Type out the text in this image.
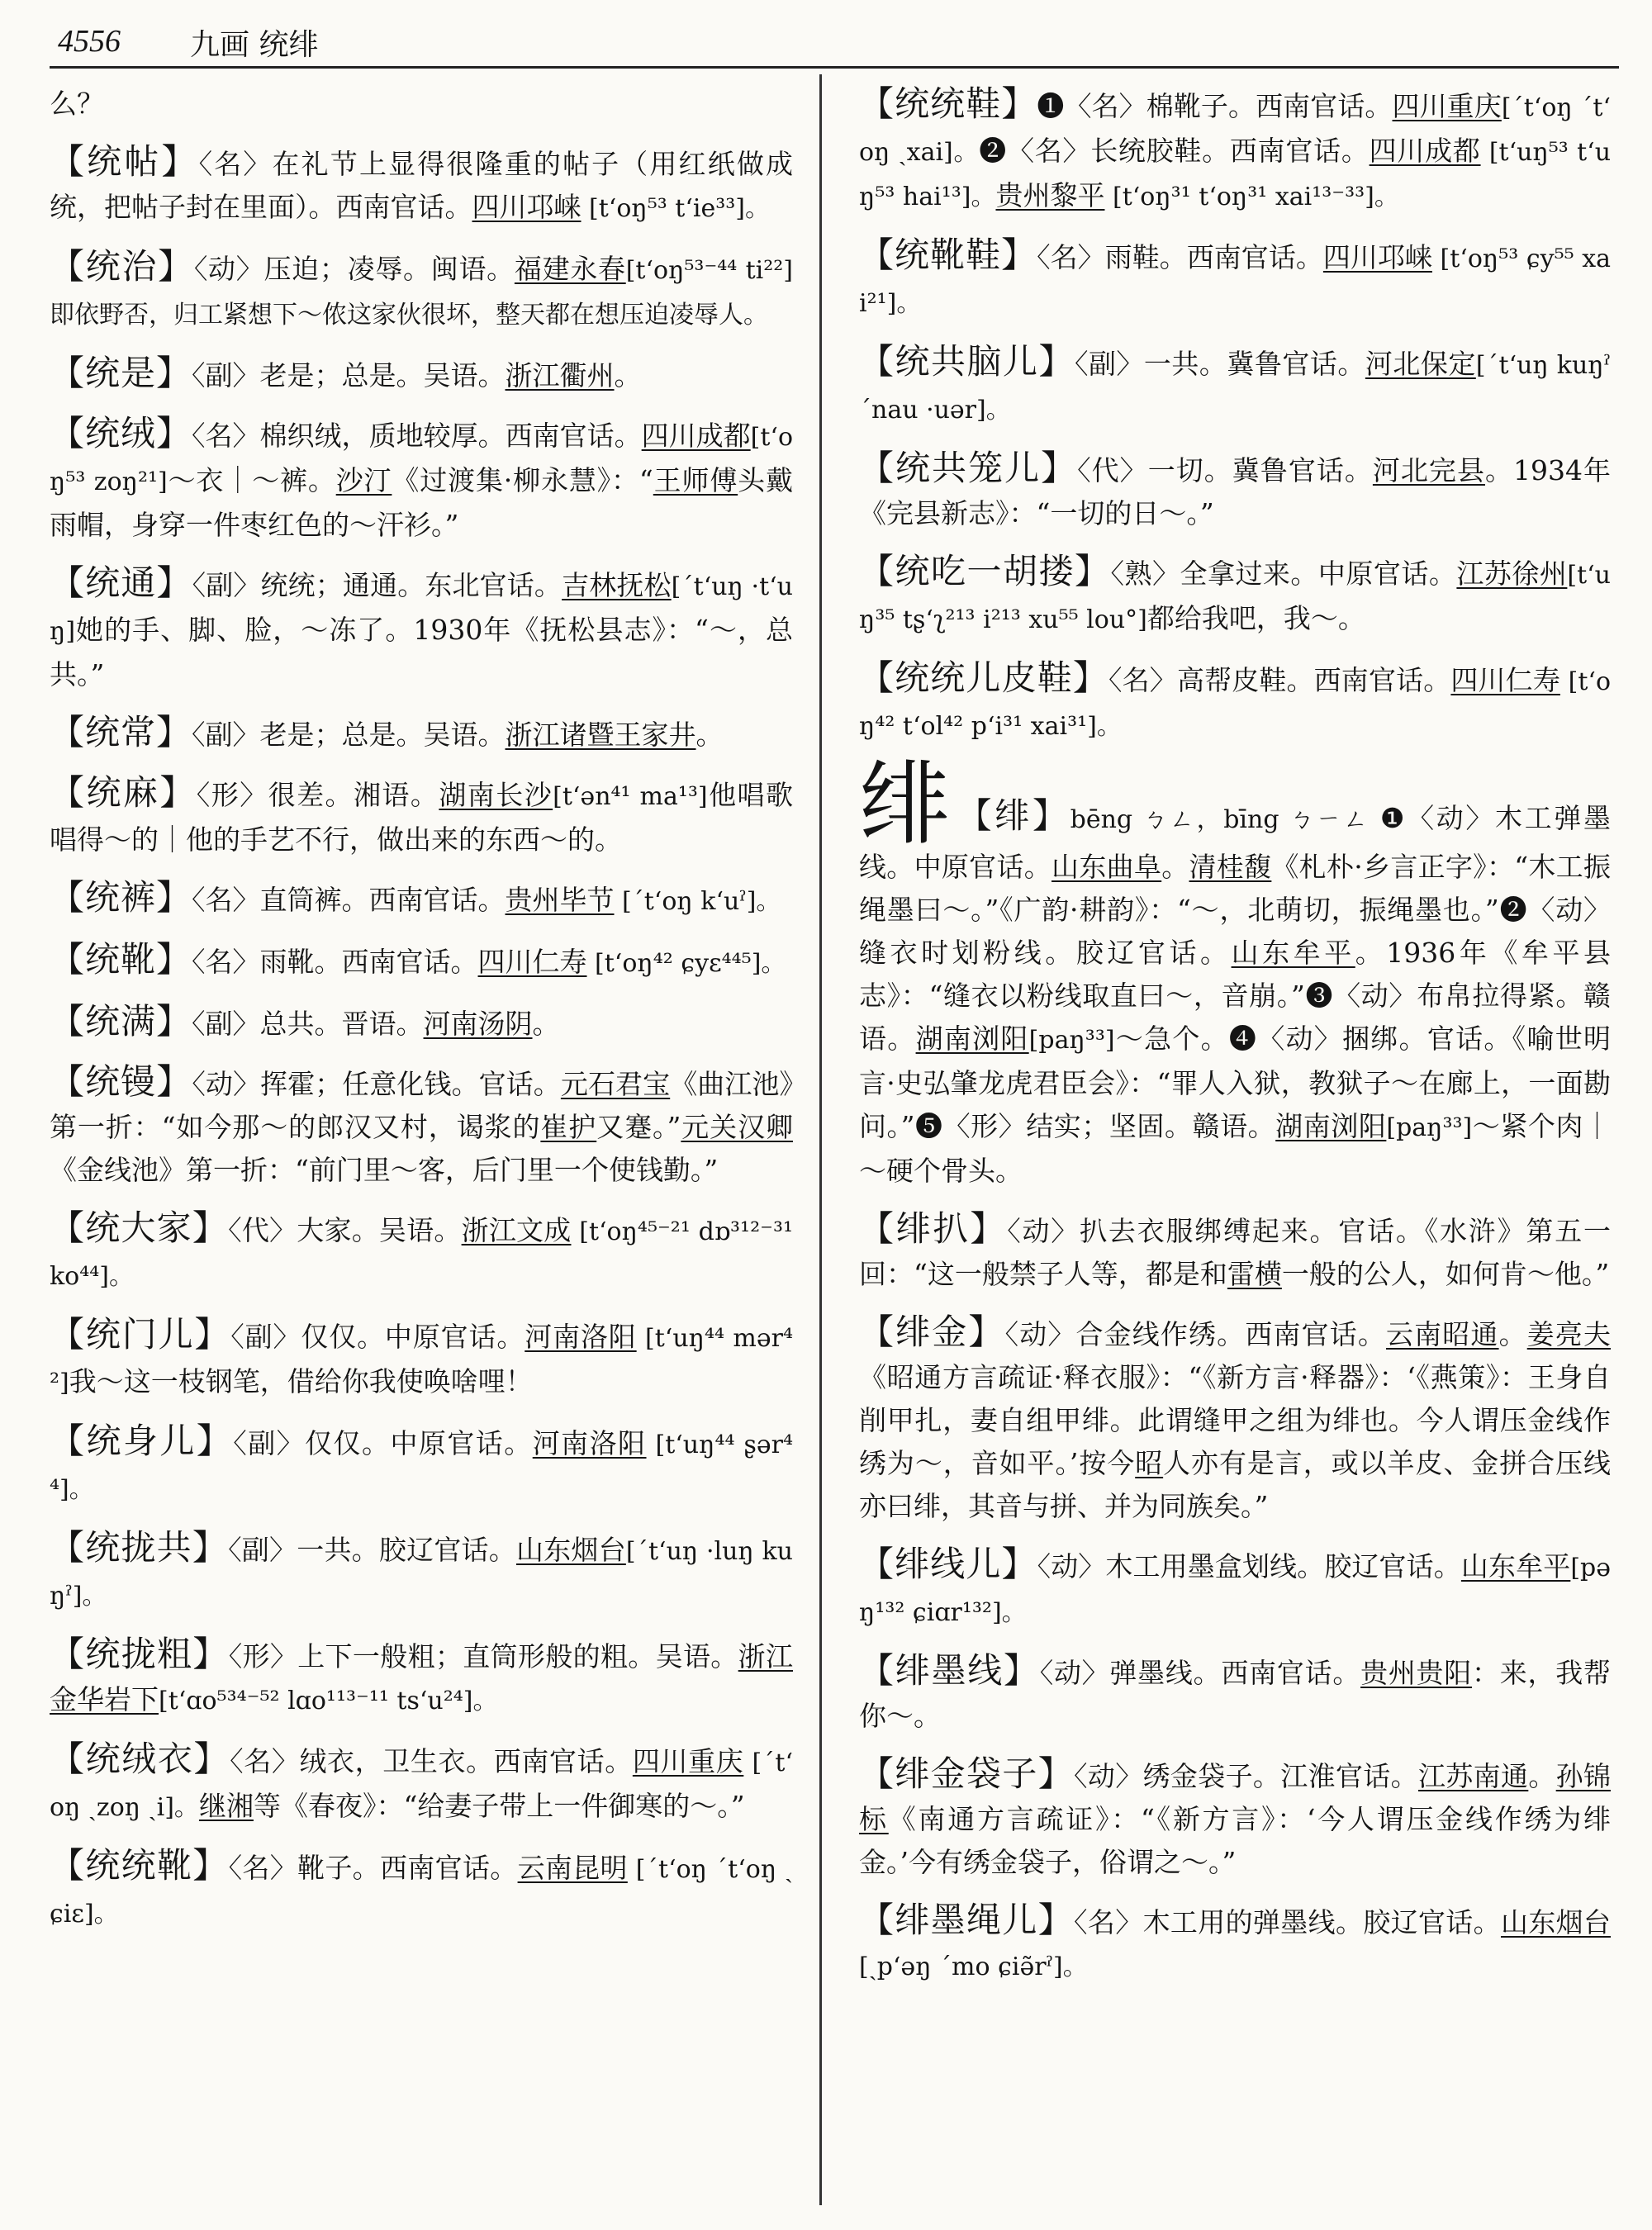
4556 九画 统绯
么？
【统帖】〈名〉在礼节上显得很隆重的帖子（用红纸做成统，把帖子封在里面）。西南官话。四川邛崃 [tʻoŋ⁵³ tʻie³³]。
【统治】〈动〉压迫；凌辱。闽语。福建永春[tʻoŋ⁵³⁻⁴⁴ ti²²]即依野否，归工紧想下～侬这家伙很坏，整天都在想压迫凌辱人。
【统是】〈副〉老是；总是。吴语。浙江衢州。
【统绒】〈名〉棉织绒，质地较厚。西南官话。四川成都[tʻoŋ⁵³ zoŋ²¹]～衣｜～裤。沙汀《过渡集·柳永慧》：“王师傅头戴雨帽，身穿一件枣红色的～汗衫。”
【统通】〈副〉统统；通通。东北官话。吉林抚松[ˊtʻuŋ ·tʻuŋ]她的手、脚、脸，～冻了。1930年《抚松县志》：“～，总共。”
【统常】〈副〉老是；总是。吴语。浙江诸暨王家井。
【统麻】〈形〉很差。湘语。湖南长沙[tʻən⁴¹ ma¹³]他唱歌唱得～的｜他的手艺不行，做出来的东西～的。
【统裤】〈名〉直筒裤。西南官话。贵州毕节 [ˊtʻoŋ kʻuˀ]。
【统靴】〈名〉雨靴。西南官话。四川仁寿 [tʻoŋ⁴² ɕyɛ⁴⁴⁵]。
【统满】〈副〉总共。晋语。河南汤阴。
【统镘】〈动〉挥霍；任意化钱。官话。元石君宝《曲江池》第一折：“如今那～的郎汉又村，谒浆的崔护又蹇。”元关汉卿《金线池》第一折：“前门里～客，后门里一个使钱勤。”
【统大家】〈代〉大家。吴语。浙江文成 [tʻoŋ⁴⁵⁻²¹ dɒ³¹²⁻³¹ ko⁴⁴]。
【统门儿】〈副〉仅仅。中原官话。河南洛阳 [tʻuŋ⁴⁴ mər⁴²]我～这一枝钢笔，借给你我使唤啥哩！
【统身儿】〈副〉仅仅。中原官话。河南洛阳 [tʻuŋ⁴⁴ ʂər⁴⁴]。
【统拢共】〈副〉一共。胶辽官话。山东烟台[ˊtʻuŋ ·luŋ kuŋˀ]。
【统拢粗】〈形〉上下一般粗；直筒形般的粗。吴语。浙江金华岩下[tʻɑo⁵³⁴⁻⁵² lɑo¹¹³⁻¹¹ tsʻu²⁴]。
【统绒衣】〈名〉绒衣，卫生衣。西南官话。四川重庆 [ˊtʻoŋ ˏzoŋ ˏi]。继湘等《春夜》：“给妻子带上一件御寒的～。”
【统统靴】〈名〉靴子。西南官话。云南昆明 [ˊtʻoŋ ˊtʻoŋ ˏɕiɛ]。
【统统鞋】❶〈名〉棉靴子。西南官话。四川重庆[ˊtʻoŋ ˊtʻoŋ ˏxai]。❷〈名〉长统胶鞋。西南官话。四川成都 [tʻuŋ⁵³ tʻuŋ⁵³ hai¹³]。贵州黎平 [tʻoŋ³¹ tʻoŋ³¹ xai¹³⁻³³]。
【统靴鞋】〈名〉雨鞋。西南官话。四川邛崃 [tʻoŋ⁵³ ɕy⁵⁵ xai²¹]。
【统共脑儿】〈副〉一共。冀鲁官话。河北保定[ˊtʻuŋ kuŋˀ ˊnau ·uər]。
【统共笼儿】〈代〉一切。冀鲁官话。河北完县。1934年《完县新志》：“一切的日～。”
【统吃一胡搂】〈熟〉全拿过来。中原官话。江苏徐州[tʻuŋ³⁵ tʂʻʅ²¹³ i²¹³ xu⁵⁵ lou°]都给我吧，我～。
【统统儿皮鞋】〈名〉高帮皮鞋。西南官话。四川仁寿 [tʻoŋ⁴² tʻol⁴² pʻi³¹ xai³¹]。
绯 【绯】bēng ㄅㄥ，bīng ㄅㄧㄥ ❶〈动〉木工弹墨线。中原官话。山东曲阜。清桂馥《札朴·乡言正字》：“木工振绳墨曰～。”《广韵·耕韵》：“～，北萌切，振绳墨也。”❷〈动〉缝衣时划粉线。胶辽官话。山东牟平。1936年《牟平县志》：“缝衣以粉线取直曰～，音崩。”❸〈动〉布帛拉得紧。赣语。湖南浏阳[paŋ³³]～急个。❹〈动〉捆绑。官话。《喻世明言·史弘肇龙虎君臣会》：“罪人入狱，教狱子～在廊上，一面勘问。”❺〈形〉结实；坚固。赣语。湖南浏阳[paŋ³³]～紧个肉｜～硬个骨头。
【绯扒】〈动〉扒去衣服绑缚起来。官话。《水浒》第五一回：“这一般禁子人等，都是和雷横一般的公人，如何肯～他。”
【绯金】〈动〉合金线作绣。西南官话。云南昭通。姜亮夫《昭通方言疏证·释衣服》：“《新方言·释器》：‘《燕策》：王身自削甲扎，妻自组甲绯。此谓缝甲之组为绯也。今人谓压金线作绣为～，音如平。’按今昭人亦有是言，或以羊皮、金拼合压线亦曰绯，其音与拼、并为同族矣。”
【绯线儿】〈动〉木工用墨盒划线。胶辽官话。山东牟平[pəŋ¹³² ɕiɑr¹³²]。
【绯墨线】〈动〉弹墨线。西南官话。贵州贵阳：来，我帮你～。
【绯金袋子】〈动〉绣金袋子。江淮官话。江苏南通。孙锦标《南通方言疏证》：“《新方言》：‘今人谓压金线作绣为绯金。’今有绣金袋子，俗谓之～。”
【绯墨绳儿】〈名〉木工用的弹墨线。胶辽官话。山东烟台[ˏpʻəŋ ˊmo ɕiə̃rˀ]。
